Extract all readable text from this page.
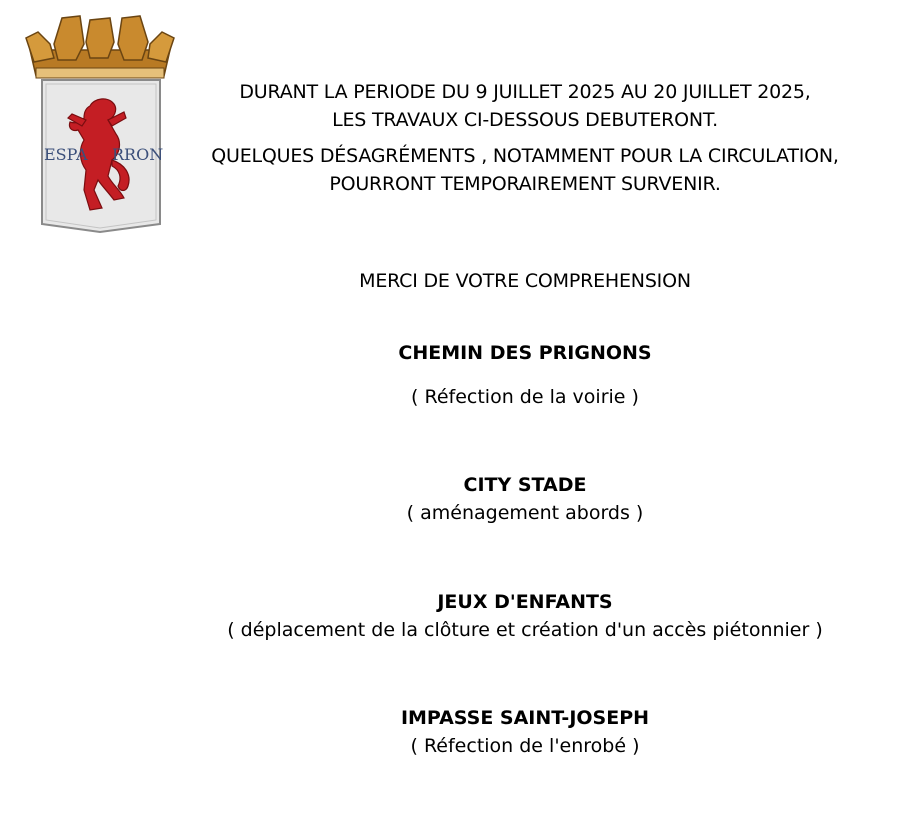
ESPA RRON

DURANT LA PERIODE DU 9 JUILLET 2025 AU 20 JUILLET 2025,

LES TRAVAUX CI-DESSOUS DEBUTERONT.

QUELQUES DÉSAGRÉMENTS , NOTAMMENT POUR LA CIRCULATION,

POURRONT TEMPORAIREMENT SURVENIR.

MERCI DE VOTRE COMPREHENSION
CHEMIN DES PRIGNONS
( Réfection de la voirie )
CITY STADE
( aménagement abords )
JEUX D'ENFANTS
( déplacement de la clôture et création d'un accès piétonnier )
IMPASSE SAINT-JOSEPH
( Réfection de l'enrobé )
